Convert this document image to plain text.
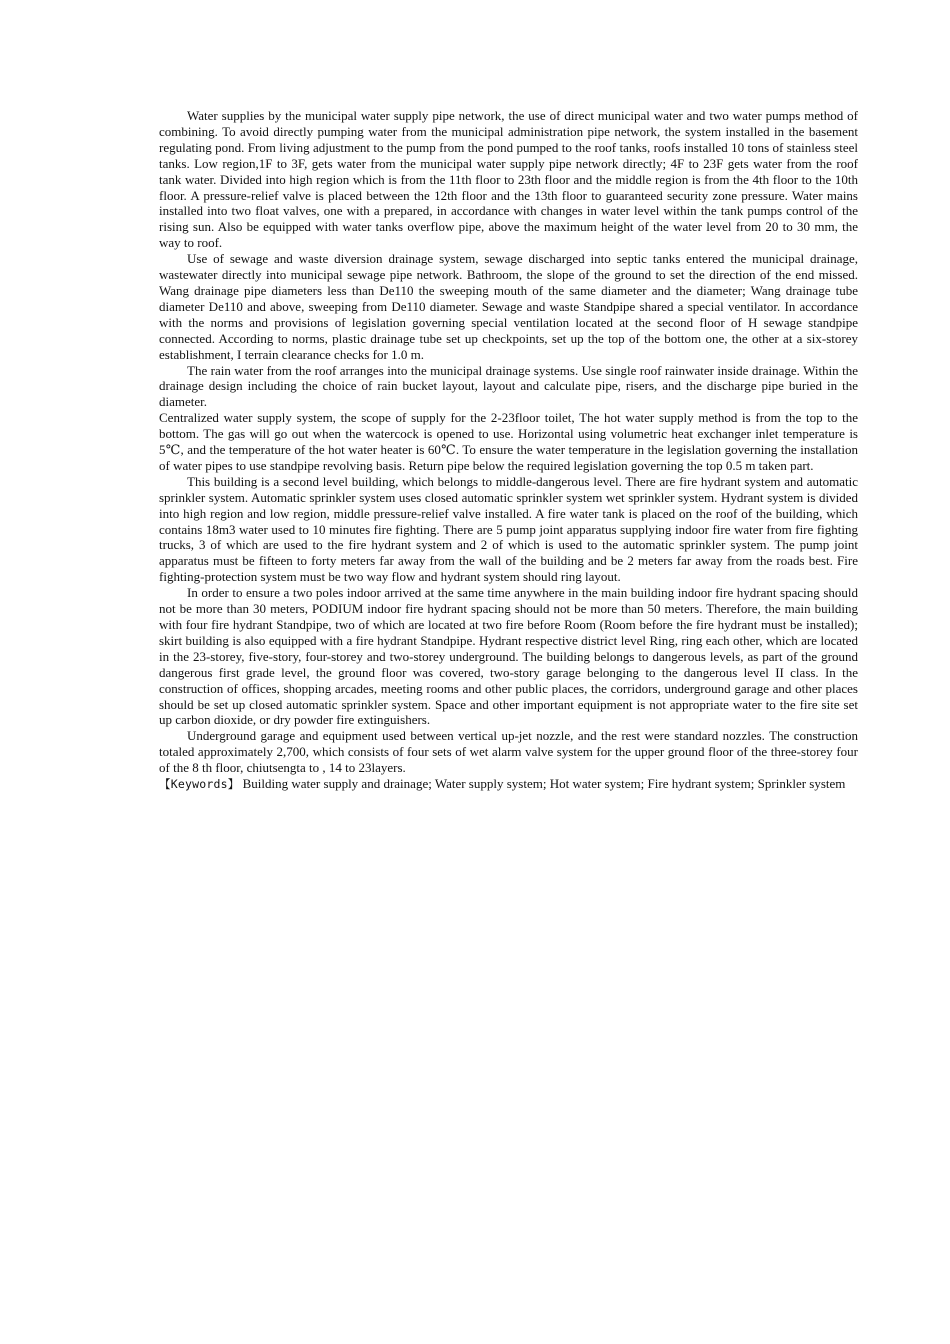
Water supplies by the municipal water supply pipe network, the use of direct municipal water and two water pumps method of combining. To avoid directly pumping water from the municipal administration pipe network, the system installed in the basement regulating pond. From living adjustment to the pump from the pond pumped to the roof tanks, roofs installed 10 tons of stainless steel tanks. Low region,1F to 3F, gets water from the municipal water supply pipe network directly; 4F to 23F gets water from the roof tank water. Divided into high region which is from the 11th floor to 23th floor and the middle region is from the 4th floor to the 10th floor. A pressure-relief valve is placed between the 12th floor and the 13th floor to guaranteed security zone pressure. Water mains installed into two float valves, one with a prepared, in accordance with changes in water level within the tank pumps control of the rising sun. Also be equipped with water tanks overflow pipe, above the maximum height of the water level from 20 to 30 mm, the way to roof.

Use of sewage and waste diversion drainage system, sewage discharged into septic tanks entered the municipal drainage, wastewater directly into municipal sewage pipe network. Bathroom, the slope of the ground to set the direction of the end missed. Wang drainage pipe diameters less than De110 the sweeping mouth of the same diameter and the diameter; Wang drainage tube diameter De110 and above, sweeping from De110 diameter. Sewage and waste Standpipe shared a special ventilator. In accordance with the norms and provisions of legislation governing special ventilation located at the second floor of H sewage standpipe connected. According to norms, plastic drainage tube set up checkpoints, set up the top of the bottom one, the other at a six-storey establishment, I terrain clearance checks for 1.0 m.

The rain water from the roof arranges into the municipal drainage systems. Use single roof rainwater inside drainage. Within the drainage design including the choice of rain bucket layout, layout and calculate pipe, risers, and the discharge pipe buried in the diameter.

Centralized water supply system, the scope of supply for the 2-23floor toilet, The hot water supply method is from the top to the bottom. The gas will go out when the watercock is opened to use. Horizontal using volumetric heat exchanger inlet temperature is 5℃, and the temperature of the hot water heater is 60℃. To ensure the water temperature in the legislation governing the installation of water pipes to use standpipe revolving basis. Return pipe below the required legislation governing the top 0.5 m taken part.

This building is a second level building, which belongs to middle-dangerous level. There are fire hydrant system and automatic sprinkler system. Automatic sprinkler system uses closed automatic sprinkler system wet sprinkler system. Hydrant system is divided into high region and low region, middle pressure-relief valve installed. A fire water tank is placed on the roof of the building, which contains 18m3 water used to 10 minutes fire fighting. There are 5 pump joint apparatus supplying indoor fire water from fire fighting trucks, 3 of which are used to the fire hydrant system and 2 of which is used to the automatic sprinkler system. The pump joint apparatus must be fifteen to forty meters far away from the wall of the building and be 2 meters far away from the roads best. Fire fighting-protection system must be two way flow and hydrant system should ring layout.

In order to ensure a two poles indoor arrived at the same time anywhere in the main building indoor fire hydrant spacing should not be more than 30 meters, PODIUM indoor fire hydrant spacing should not be more than 50 meters. Therefore, the main building with four fire hydrant Standpipe, two of which are located at two fire before Room (Room before the fire hydrant must be installed); skirt building is also equipped with a fire hydrant Standpipe. Hydrant respective district level Ring, ring each other, which are located in the 23-storey, five-story, four-storey and two-storey underground. The building belongs to dangerous levels, as part of the ground dangerous first grade level, the ground floor was covered, two-story garage belonging to the dangerous level II class. In the construction of offices, shopping arcades, meeting rooms and other public places, the corridors, underground garage and other places should be set up closed automatic sprinkler system. Space and other important equipment is not appropriate water to the fire site set up carbon dioxide, or dry powder fire extinguishers.

Underground garage and equipment used between vertical up-jet nozzle, and the rest were standard nozzles. The construction totaled approximately 2,700, which consists of four sets of wet alarm valve system for the upper ground floor of the three-storey four of the 8 th floor, chiutsengta to , 14 to 23layers.

【Keywords】 Building water supply and drainage; Water supply system; Hot water system; Fire hydrant system; Sprinkler system
